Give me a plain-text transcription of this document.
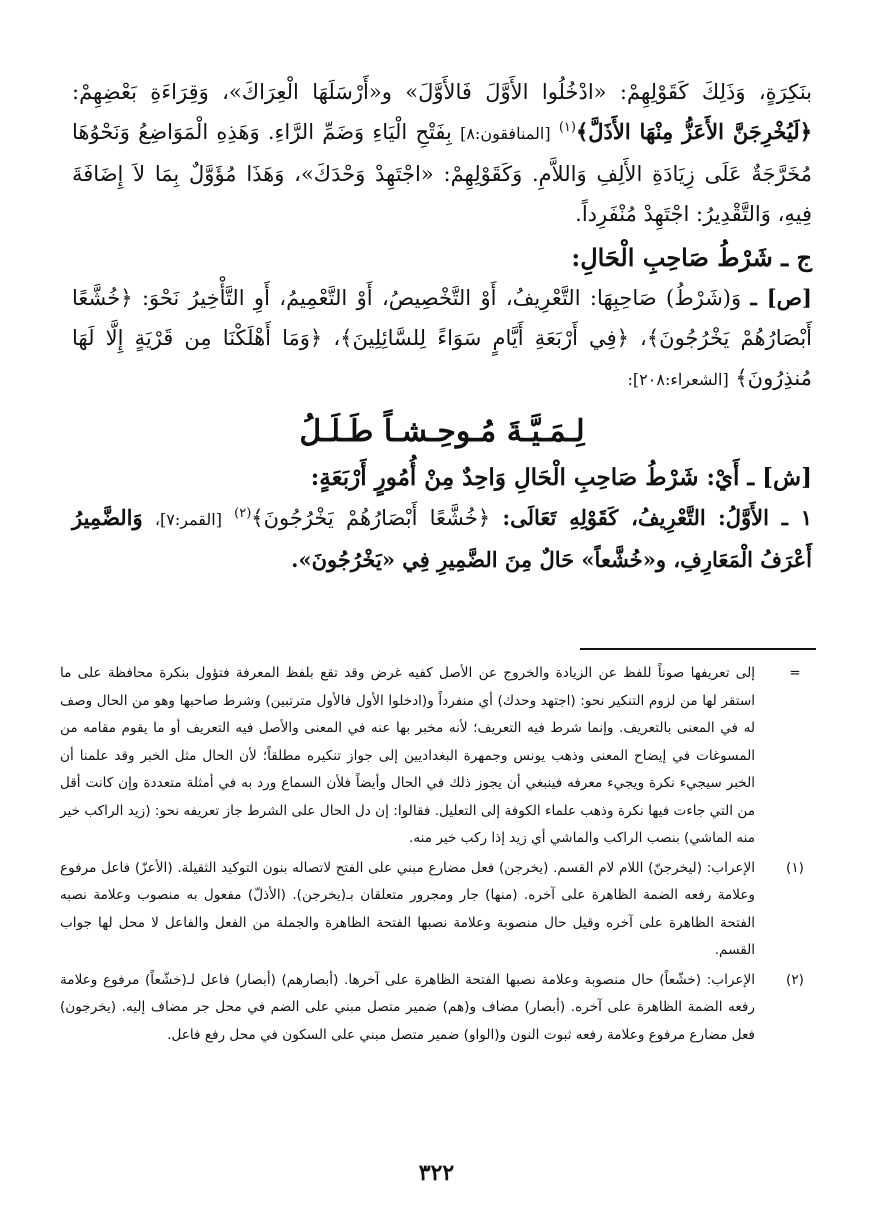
بنَكِرَةٍ، وَذَلِكَ كَقَوْلِهِمْ: «ادْخُلُوا الأَوَّلَ فَالأَوَّلَ» و«أَرْسَلَهَا الْعِرَاكَ»، وَقِرَاءَةِ بَعْضِهِمْ: ﴿لَيُخْرِجَنَّ الأَعَزُّ مِنْهَا الأَذَلَّ﴾$^{(١)}$ [المنافقون:٨] بِفَتْحِ الْيَاءِ وَضَمِّ الرَّاءِ. وَهَذِهِ الْمَوَاضِعُ وَنَحْوُهَا مُخَرَّجَةٌ عَلَى زِيَادَةِ الأَلِفِ وَاللاَّمِ. وَكَقَوْلِهِمْ: «اجْتَهِدْ وَحْدَكَ»، وَهَذَا مُؤَوَّلٌ بِمَا لاَ إِضَافَةَ فِيهِ، وَالتَّقْدِيرُ: اجْتَهِدْ مُنْفَرِداً.

ج ـ شَرْطُ صَاحِبِ الْحَالِ:

[ص] ـ وَ(شَرْطُ) صَاحِبِهَا: التَّعْرِيفُ، أَوْ التَّخْصِيصُ، أَوْ التَّعْمِيمُ، أَوِ التَّأْخِيرُ نَحْوَ: ﴿خُشَّعًا أَبْصَارُهُمْ يَخْرُجُونَ﴾، ﴿فِي أَرْبَعَةِ أَيَّامٍ سَوَاءً لِلسَّائِلِينَ﴾، ﴿وَمَا أَهْلَكْنَا مِن قَرْيَةٍ إِلَّا لَهَا مُنذِرُونَ﴾ [الشعراء:٢٠٨]:

لِـمَـيَّـةَ مُـوحِـشـاً طَـلَـلُ

[ش] ـ أَيْ: شَرْطُ صَاحِبِ الْحَالِ وَاحِدٌ مِنْ أُمُورٍ أَرْبَعَةٍ:

١ ـ الأَوَّلُ: التَّعْرِيفُ، كَقَوْلِهِ تَعَالَى: ﴿خُشَّعًا أَبْصَارُهُمْ يَخْرُجُونَ﴾$^{(٢)}$ [القمر:٧]، وَالضَّمِيرُ أَعْرَفُ الْمَعَارِفِ، و«خُشَّعاً» حَالٌ مِنَ الضَّمِيرِ فِي «يَخْرُجُونَ».

=
إلى تعريفها صوناً للفظ عن الزيادة والخروج عن الأصل كفيه غرض وقد تقع بلفظ المعرفة فتؤول بنكرة محافظة على ما استقر لها من لزوم التنكير نحو: (اجتهد وحدك) أي منفرداً و(ادخلوا الأول فالأول مترتبين) وشرط صاحبها وهو من الحال وصف له في المعنى بالتعريف. وإنما شرط فيه التعريف؛ لأنه مخبر بها عنه في المعنى والأصل فيه التعريف أو ما يقوم مقامه من المسوغات في إيضاح المعنى وذهب يونس وجمهرة البغداديين إلى جواز تنكيره مطلقاً؛ لأن الحال مثل الخبر وقد علمنا أن الخبر سيجيء نكرة ويجيء معرفه فينبغي أن يجوز ذلك في الحال وأيضاً فلأن السماع ورد به في أمثلة متعددة وإن كانت أقل من التي جاءت فيها نكرة وذهب علماء الكوفة إلى التعليل. فقالوا: إن دل الحال على الشرط جاز تعريفه نحو: (زيد الراكب خير منه الماشي) بنصب الراكب والماشي أي زيد إذا ركب خير منه.

(١)
الإعراب: (ليخرجنّ) اللام لام القسم. (يخرجن) فعل مضارع مبني على الفتح لاتصاله بنون التوكيد الثقيلة. (الأعزّ) فاعل مرفوع وعلامة رفعه الضمة الظاهرة على آخره. (منها) جار ومجرور متعلقان بـ(يخرجن). (الأذلّ) مفعول به منصوب وعلامة نصبه الفتحة الظاهرة على آخره وقيل حال منصوبة وعلامة نصبها الفتحة الظاهرة والجملة من الفعل والفاعل لا محل لها جواب القسم.

(٢)
الإعراب: (خشّعاً) حال منصوبة وعلامة نصبها الفتحة الظاهرة على آخرها. (أبصارهم) (أبصار) فاعل لـ(خشّعاً) مرفوع وعلامة رفعه الضمة الظاهرة على آخره. (أبصار) مضاف و(هم) ضمير متصل مبني على الضم في محل جر مضاف إليه. (يخرجون) فعل مضارع مرفوع وعلامة رفعه ثبوت النون و(الواو) ضمير متصل مبني على السكون في محل رفع فاعل.

٣٢٢
